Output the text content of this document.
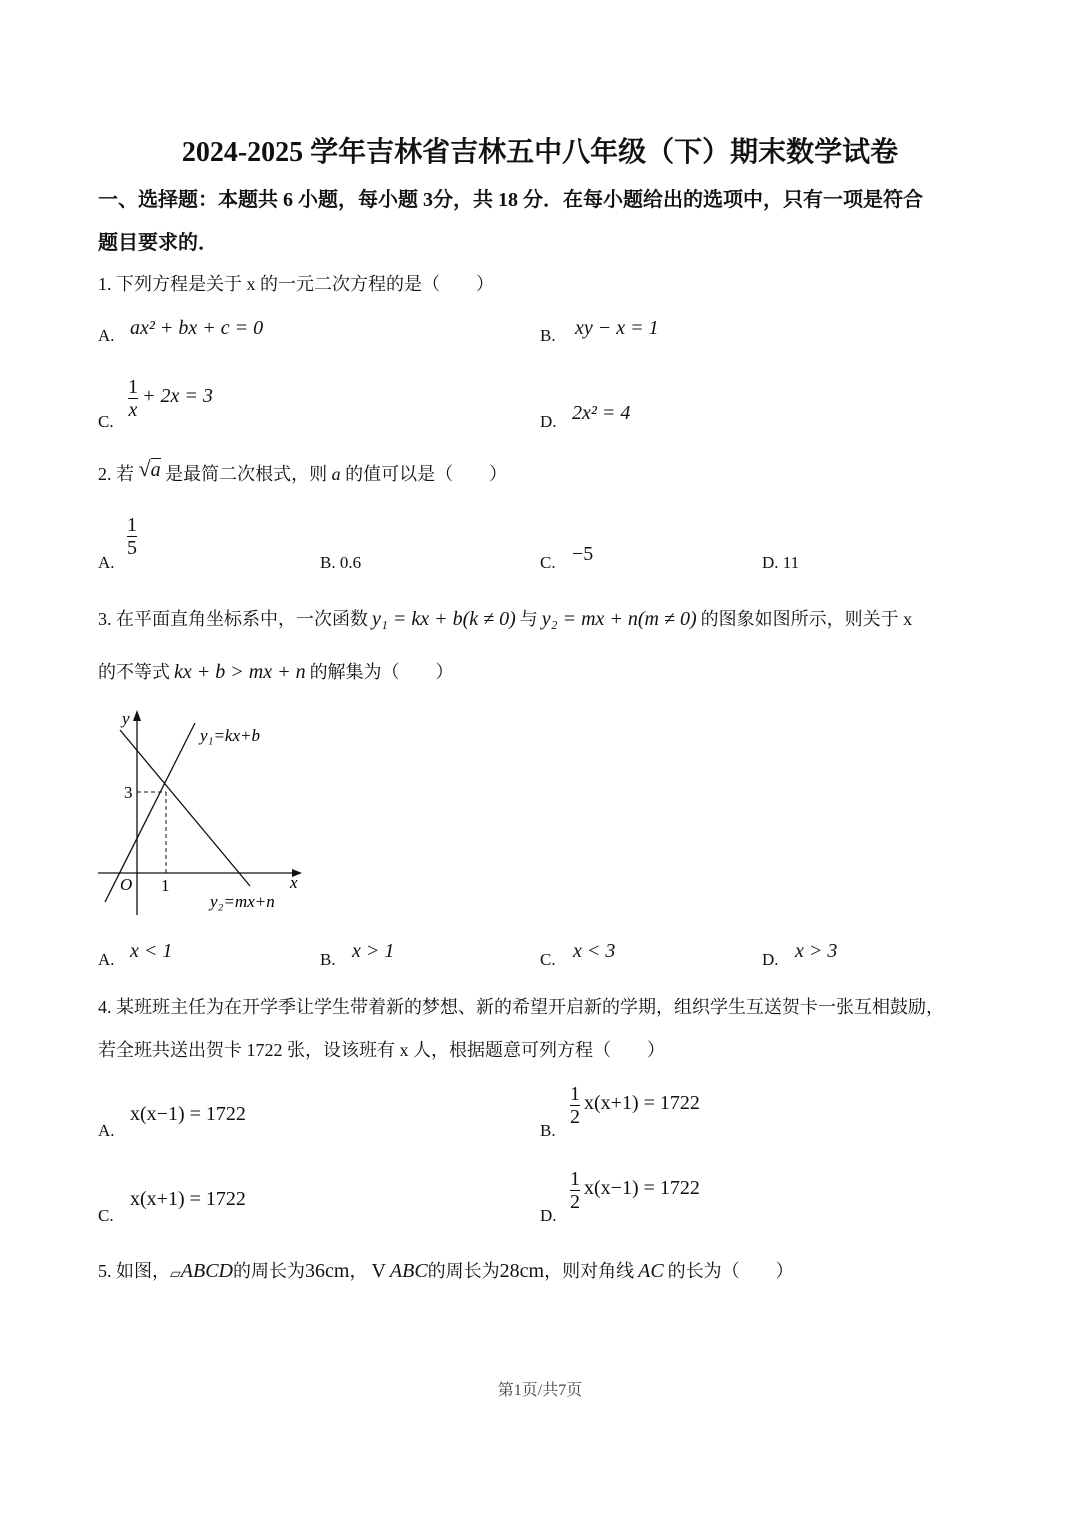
2024-2025 学年吉林省吉林五中八年级（下）期末数学试卷
一、选择题：本题共 6 小题，每小题 3分，共 18 分．在每小题给出的选项中，只有一项是符合
题目要求的．
1. 下列方程是关于 x 的一元二次方程的是（　　）
A. ax² + bx + c = 0	B. xy − x = 1
C.
$\frac{1}{x} + 2x = 3$
D. 2x² = 4
2. 若 √a 是最简二次根式，则 a 的值可以是（　　）
A.
$\frac{1}{5}$
B. 0.6	C. −5	D. 11
3. 在平面直角坐标系中，一次函数 y₁ = kx + b(k ≠ 0) 与 y₂ = mx + n(m ≠ 0) 的图象如图所示，则关于 x
的不等式 kx + b > mx + n 的解集为（　　）
y
x
O
3
1
y₁=kx+b
y₂=mx+n
A. x < 1	B. x > 1	C. x < 3	D. x > 3
4. 某班班主任为在开学季让学生带着新的梦想、新的希望开启新的学期，组织学生互送贺卡一张互相鼓励，
若全班共送出贺卡 1722 张，设该班有 x 人，根据题意可列方程（　　）
A.
x(x−1) = 1722
B.
$\frac{1}{2} x(x+1) = 1722$
C.
x(x+1) = 1722
D.
$\frac{1}{2} x(x-1) = 1722$
5. 如图，▱ABCD的周长为36cm， V ABC的周长为28cm，则对角线 AC 的长为（　　）
第1页/共7页
